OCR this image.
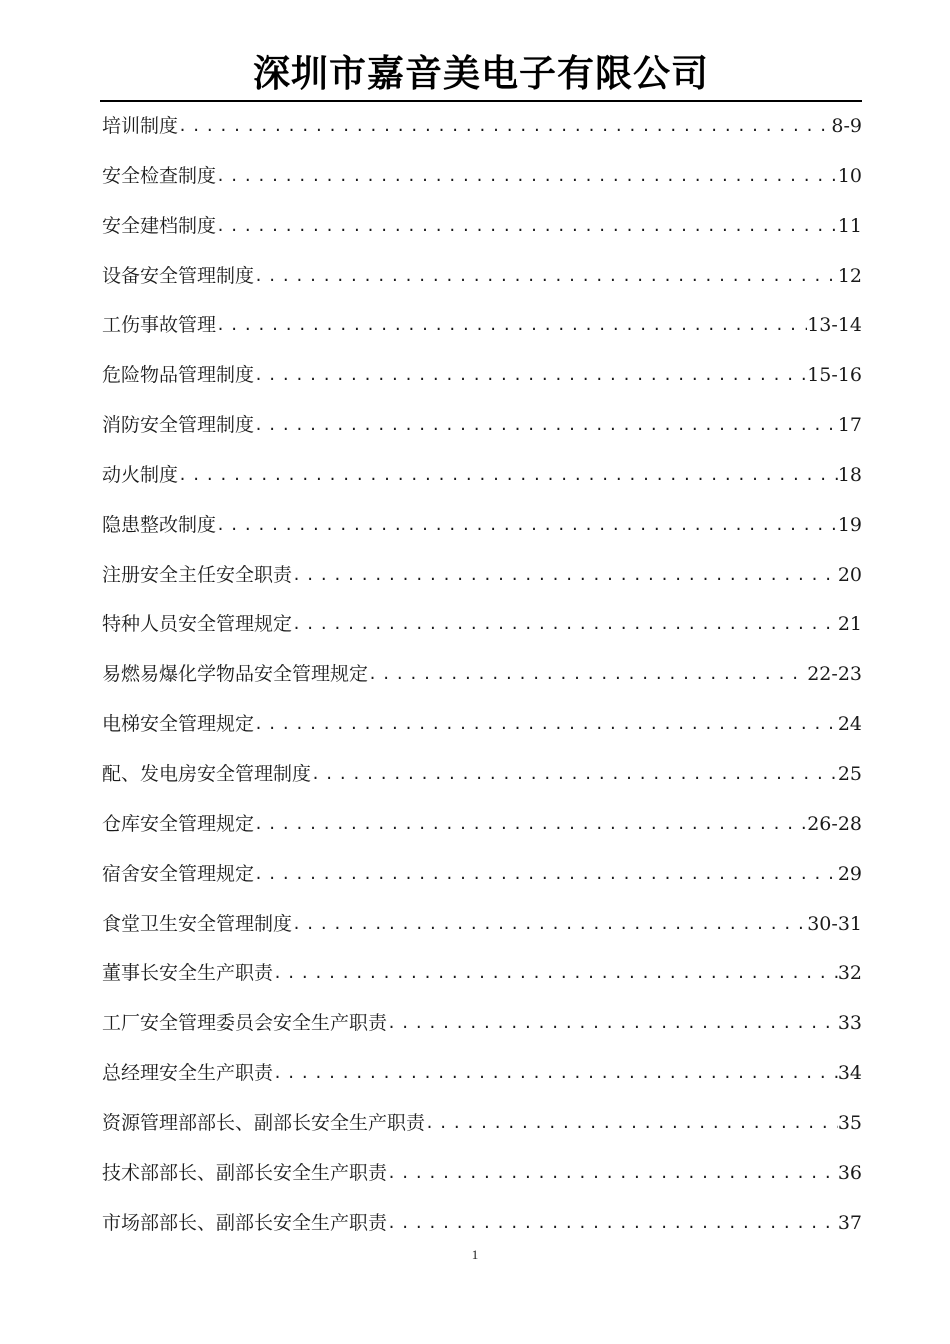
深圳市嘉音美电子有限公司
培训制度 .....	8-9
安全检查制度 .....	10
安全建档制度 .....	11
设备安全管理制度 .....	12
工伤事故管理 .....	13-14
危险物品管理制度 .....	15-16
消防安全管理制度 .....	17
动火制度 .....	18
隐患整改制度 .....	19
注册安全主任安全职责 .....	20
特种人员安全管理规定 .....	21
易燃易爆化学物品安全管理规定 .....	22-23
电梯安全管理规定 .....	24
配、发电房安全管理制度 .....	25
仓库安全管理规定 .....	26-28
宿舍安全管理规定 .....	29
食堂卫生安全管理制度 .....	30-31
董事长安全生产职责 .....	32
工厂安全管理委员会安全生产职责 .....	33
总经理安全生产职责 .....	34
资源管理部部长、副部长安全生产职责 .....	35
技术部部长、副部长安全生产职责 .....	36
市场部部长、副部长安全生产职责 .....	37
1
